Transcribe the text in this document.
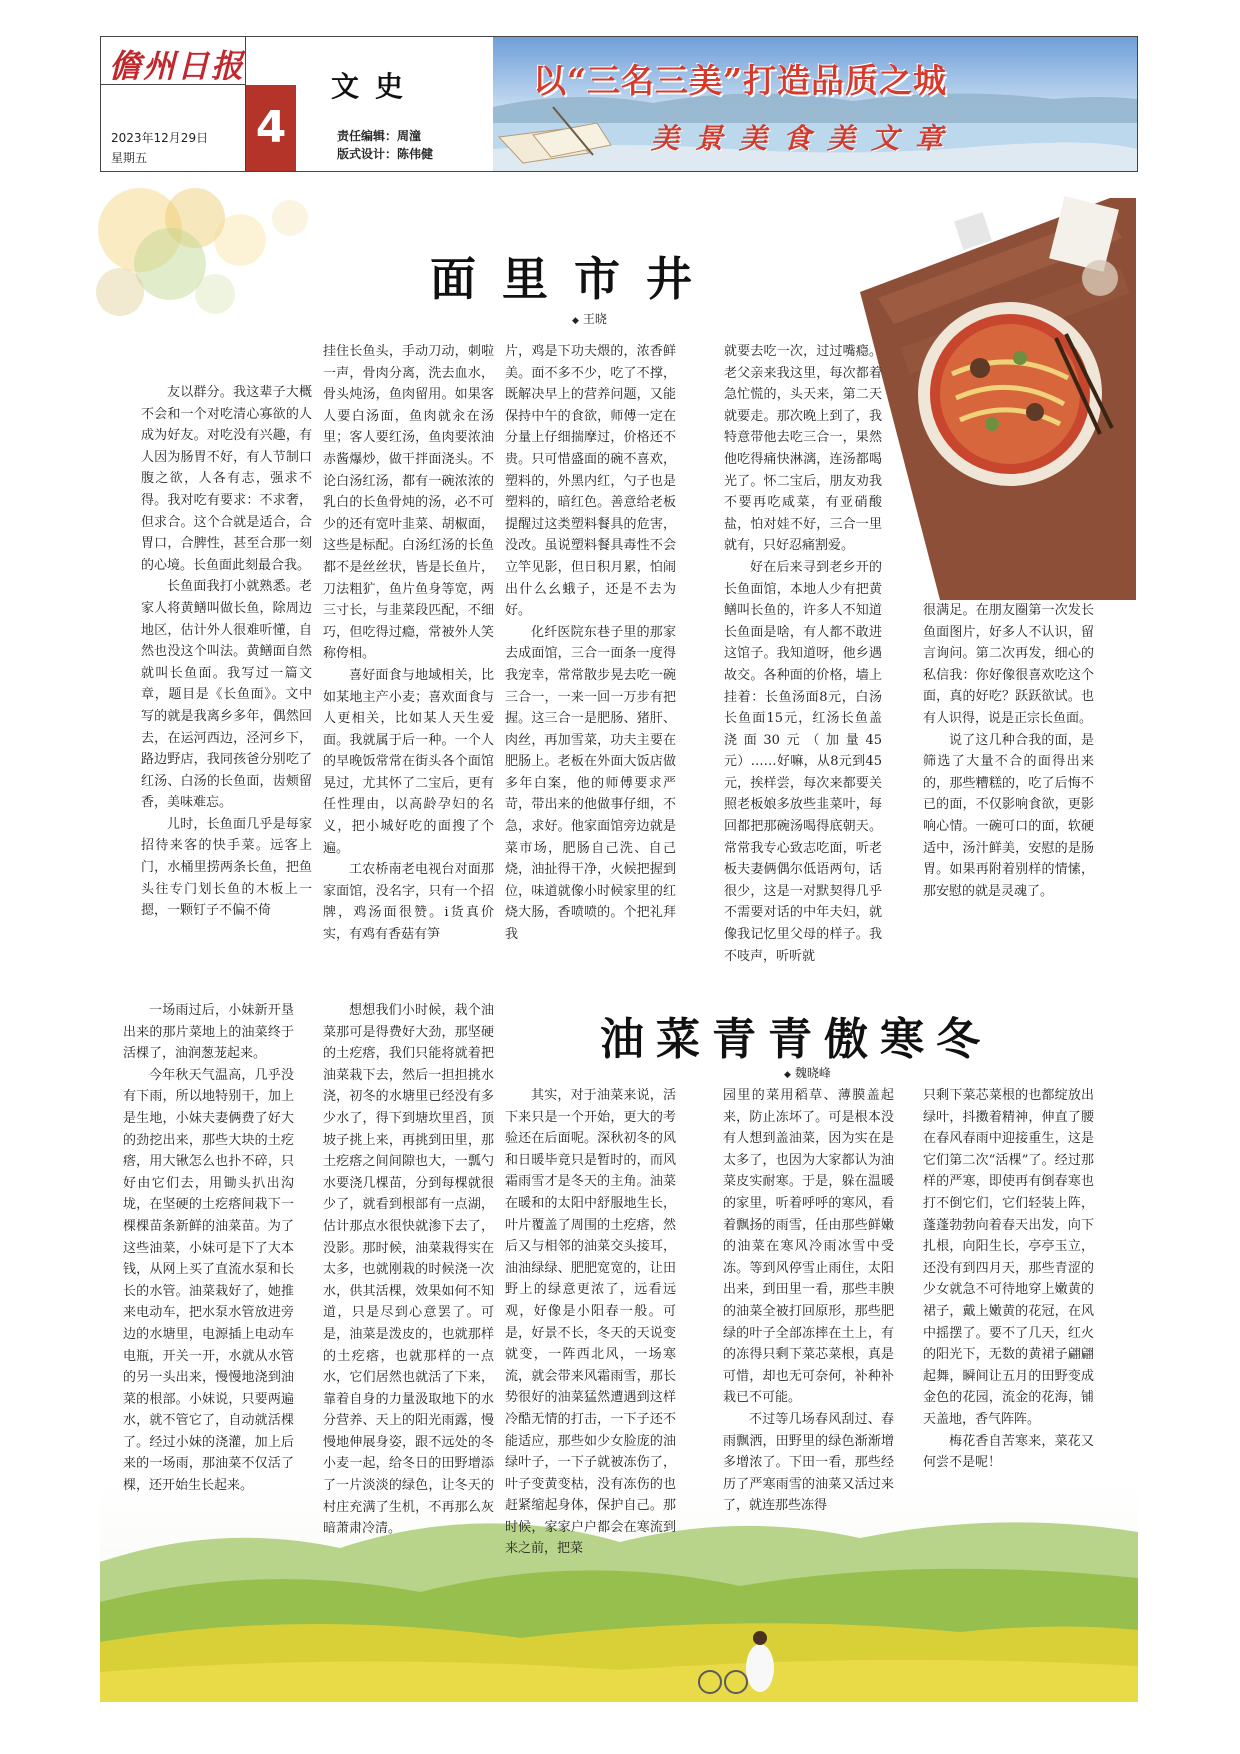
儋州日报
2023年12月29日
星期五
4
文史
责任编辑：周潼
版式设计：陈伟健
以“三名三美”打造品质之城
美景美食美文章
面里市井
◆ 王晓

友以群分。我这辈子大概不会和一个对吃清心寡欲的人成为好友。对吃没有兴趣，有人因为肠胃不好，有人节制口腹之欲，人各有志，强求不得。我对吃有要求：不求奢，但求合。这个合就是适合，合胃口，合脾性，甚至合那一刻的心境。长鱼面此刻最合我。

长鱼面我打小就熟悉。老家人将黄鳝叫做长鱼，除周边地区，估计外人很难听懂，自然也没这个叫法。黄鳝面自然就叫长鱼面。我写过一篇文章，题目是《长鱼面》。文中写的就是我离乡多年，偶然回去，在运河西边，泾河乡下，路边野店，我同孩爸分别吃了红汤、白汤的长鱼面，齿颊留香，美味难忘。

儿时，长鱼面几乎是每家招待来客的快手菜。远客上门，水桶里捞两条长鱼，把鱼头往专门划长鱼的木板上一摁，一颗钉子不偏不倚

挂住长鱼头，手动刀动，刺啦一声，骨肉分离，洗去血水，骨头炖汤，鱼肉留用。如果客人要白汤面，鱼肉就汆在汤里；客人要红汤，鱼肉要浓油赤酱爆炒，做干拌面浇头。不论白汤红汤，都有一碗浓浓的乳白的长鱼骨炖的汤，必不可少的还有宽叶韭菜、胡椒面，这些是标配。白汤红汤的长鱼都不是丝丝状，皆是长鱼片，刀法粗犷，鱼片鱼身等宽，两三寸长，与韭菜段匹配，不细巧，但吃得过瘾，常被外人笑称侉相。

喜好面食与地域相关，比如某地主产小麦；喜欢面食与人更相关，比如某人天生爱面。我就属于后一种。一个人的早晚饭常常在街头各个面馆晃过，尤其怀了二宝后，更有任性理由，以高龄孕妇的名义，把小城好吃的面搜了个遍。

工农桥南老电视台对面那家面馆，没名字，只有一个招牌，鸡汤面很赞。i货真价实，有鸡有香菇有笋

片，鸡是下功夫煨的，浓香鲜美。面不多不少，吃了不撑，既解决早上的营养问题，又能保持中午的食欲，师傅一定在分量上仔细揣摩过，价格还不贵。只可惜盛面的碗不喜欢，塑料的，外黑内红，勺子也是塑料的，暗红色。善意给老板提醒过这类塑料餐具的危害，没改。虽说塑料餐具毒性不会立竿见影，但日积月累，怕闹出什么幺蛾子，还是不去为好。

化纤医院东巷子里的那家去成面馆，三合一面条一度得我宠幸，常常散步晃去吃一碗三合一，一来一回一万步有把握。这三合一是肥肠、猪肝、肉丝，再加雪菜，功夫主要在肥肠上。老板在外面大饭店做多年白案，他的师傅要求严苛，带出来的他做事仔细，不急，求好。他家面馆旁边就是菜市场，肥肠自己洗、自己烧，油扯得干净，火候把握到位，味道就像小时候家里的红烧大肠，香喷喷的。个把礼拜我

就要去吃一次，过过嘴瘾。老父亲来我这里，每次都着急忙慌的，头天来，第二天就要走。那次晚上到了，我特意带他去吃三合一，果然他吃得痛快淋漓，连汤都喝光了。怀二宝后，朋友劝我不要再吃咸菜，有亚硝酸盐，怕对娃不好，三合一里就有，只好忍痛割爱。

好在后来寻到老乡开的长鱼面馆，本地人少有把黄鳝叫长鱼的，许多人不知道长鱼面是啥，有人都不敢进这馆子。我知道呀，他乡遇故交。各种面的价格，墙上挂着：长鱼汤面8元，白汤长鱼面15元，红汤长鱼盖浇面30元（加量45元）……好嘛，从8元到45元，挨样尝，每次来都要关照老板娘多放些韭菜叶，每回都把那碗汤喝得底朝天。常常我专心致志吃面，听老板夫妻俩偶尔低语两句，话很少，这是一对默契得几乎不需要对话的中年夫妇，就像我记忆里父母的样子。我不吱声，听听就

很满足。在朋友圈第一次发长鱼面图片，好多人不认识，留言询问。第二次再发，细心的私信我：你好像很喜欢吃这个面，真的好吃？跃跃欲试。也有人识得，说是正宗长鱼面。

说了这几种合我的面，是筛选了大量不合的面得出来的，那些糟糕的，吃了后悔不已的面，不仅影响食欲，更影响心情。一碗可口的面，软硬适中，汤汁鲜美，安慰的是肠胃。如果再附着别样的情愫，那安慰的就是灵魂了。

油菜青青傲寒冬
◆ 魏晓峰

一场雨过后，小妹新开垦出来的那片菜地上的油菜终于活棵了，油润葱茏起来。

今年秋天气温高，几乎没有下雨，所以地特别干，加上是生地，小妹夫妻俩费了好大的劲挖出来，那些大块的土疙瘩，用大锹怎么也扑不碎，只好由它们去，用锄头扒出沟垅，在坚硬的土疙瘩间栽下一棵棵苗条新鲜的油菜苗。为了这些油菜，小妹可是下了大本钱，从网上买了直流水泵和长长的水管。油菜栽好了，她推来电动车，把水泵水管放进旁边的水塘里，电源插上电动车电瓶，开关一开，水就从水管的另一头出来，慢慢地浇到油菜的根部。小妹说，只要两遍水，就不管它了，自动就活棵了。经过小妹的浇灌，加上后来的一场雨，那油菜不仅活了棵，还开始生长起来。

想想我们小时候，栽个油菜那可是得费好大劲，那坚硬的土疙瘩，我们只能将就着把油菜栽下去，然后一担担挑水浇，初冬的水塘里已经没有多少水了，得下到塘坎里舀，顶坡子挑上来，再挑到田里，那土疙瘩之间间隙也大，一瓢勺水要浇几棵苗，分到每棵就很少了，就看到根部有一点湖，估计那点水很快就渗下去了，没影。那时候，油菜栽得实在太多，也就刚栽的时候浇一次水，供其活棵，效果如何不知道，只是尽到心意罢了。可是，油菜是泼皮的，也就那样的土疙瘩，也就那样的一点水，它们居然也就活了下来，靠着自身的力量汲取地下的水分营养、天上的阳光雨露，慢慢地伸展身姿，跟不远处的冬小麦一起，给冬日的田野增添了一片淡淡的绿色，让冬天的村庄充满了生机，不再那么灰暗萧肃冷清。

其实，对于油菜来说，活下来只是一个开始，更大的考验还在后面呢。深秋初冬的风和日暖毕竟只是暂时的，而风霜雨雪才是冬天的主角。油菜在暖和的太阳中舒服地生长，叶片覆盖了周围的土疙瘩，然后又与相邻的油菜交头接耳，油油绿绿、肥肥宽宽的，让田野上的绿意更浓了，远看远观，好像是小阳春一般。可是，好景不长，冬天的天说变就变，一阵西北风，一场寒流，就会带来风霜雨雪，那长势很好的油菜猛然遭遇到这样冷酷无情的打击，一下子还不能适应，那些如少女脸庞的油绿叶子，一下子就被冻伤了，叶子变黄变枯，没有冻伤的也赶紧缩起身体，保护自己。那时候，家家户户都会在寒流到来之前，把菜

园里的菜用稻草、薄膜盖起来，防止冻坏了。可是根本没有人想到盖油菜，因为实在是太多了，也因为大家都认为油菜皮实耐寒。于是，躲在温暖的家里，听着呼呼的寒风，看着飘扬的雨雪，任由那些鲜嫩的油菜在寒风冷雨冰雪中受冻。等到风停雪止雨住，太阳出来，到田里一看，那些丰腴的油菜全被打回原形，那些肥绿的叶子全部冻摔在土上，有的冻得只剩下菜芯菜根，真是可惜，却也无可奈何，补种补栽已不可能。

不过等几场春风刮过、春雨飘洒，田野里的绿色渐渐增多增浓了。下田一看，那些经历了严寒雨雪的油菜又活过来了，就连那些冻得

只剩下菜芯菜根的也都绽放出绿叶，抖擞着精神，伸直了腰在春风春雨中迎接重生，这是它们第二次“活棵”了。经过那样的严寒，即使再有倒春寒也打不倒它们，它们轻装上阵，蓬蓬勃勃向着春天出发，向下扎根，向阳生长，亭亭玉立，还没有到四月天，那些青涩的少女就急不可待地穿上嫩黄的裙子，戴上嫩黄的花冠，在风中摇摆了。要不了几天，红火的阳光下，无数的黄裙子翩翩起舞，瞬间让五月的田野变成金色的花园，流金的花海，铺天盖地，香气阵阵。

梅花香自苦寒来，菜花又何尝不是呢！
